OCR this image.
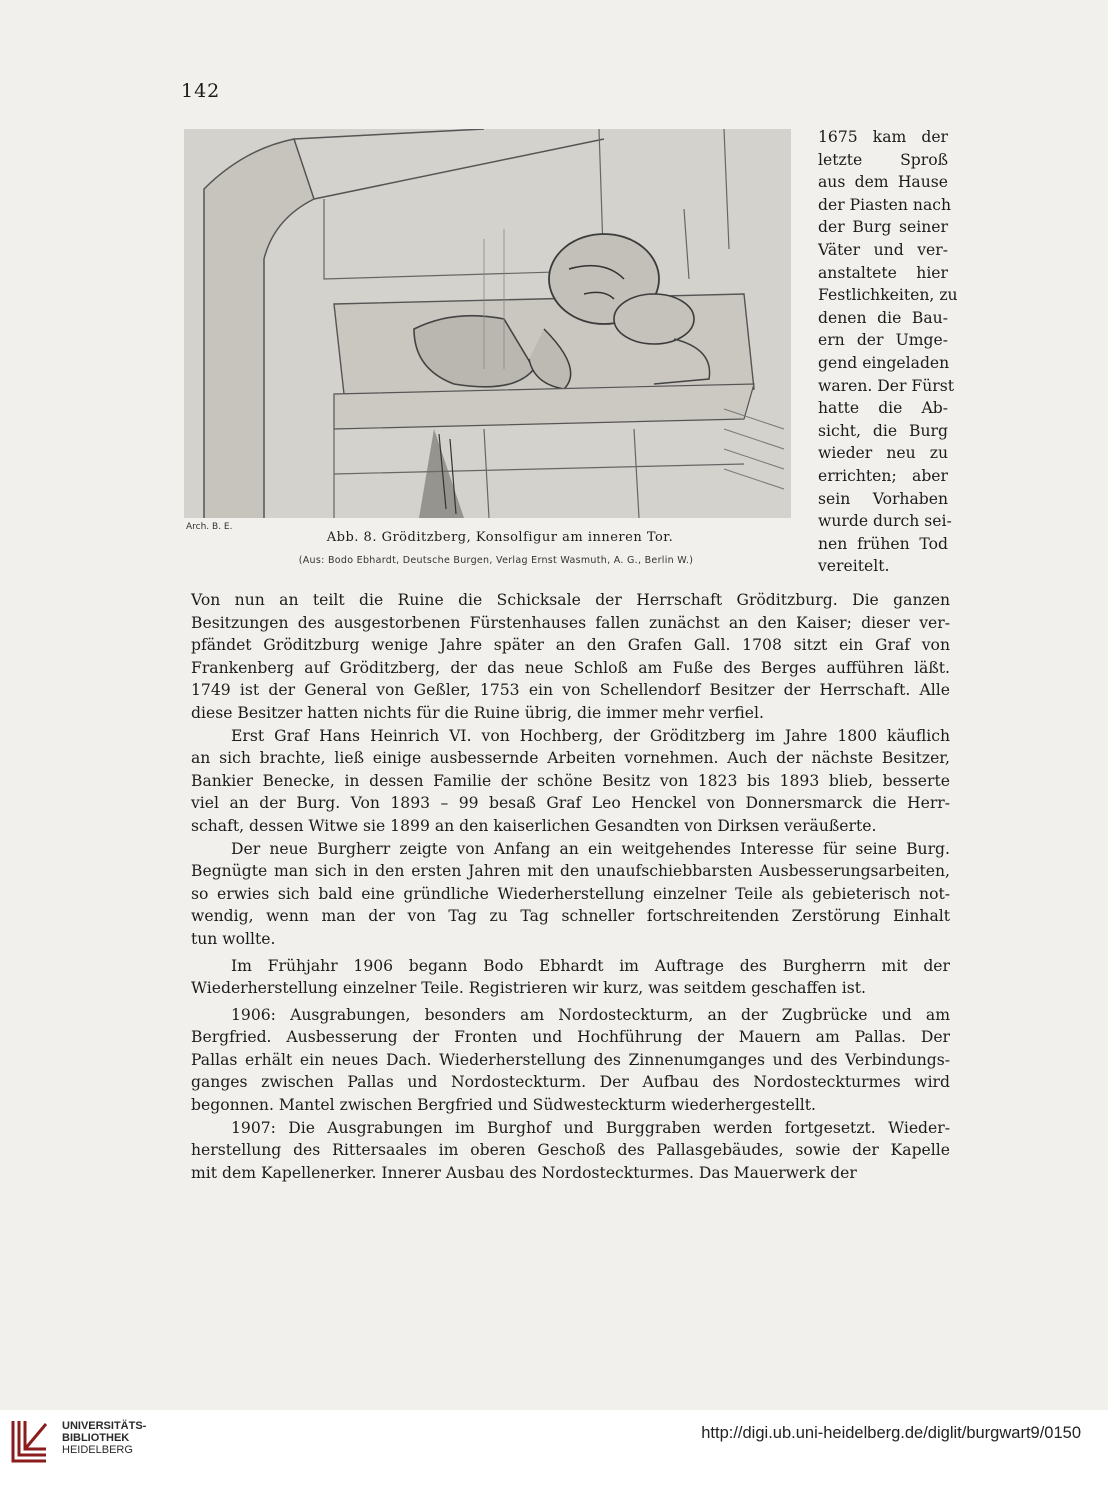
142
Arch. B. E.
Abb. 8. Gröditzberg, Konsolfigur am inneren Tor.
(Aus: Bodo Ebhardt, Deutsche Burgen, Verlag Ernst Wasmuth, A. G., Berlin W.)
1675 kam der
letzte Sproß
aus dem Hause
der Piasten nach
der Burg seiner
Väter und ver-
anstaltete hier
Festlichkeiten, zu
denen die Bau-
ern der Umge-
gend eingeladen
waren. Der Fürst
hatte die Ab-
sicht, die Burg
wieder neu zu
errichten; aber
sein Vorhaben
wurde durch sei-
nen frühen Tod
vereitelt.
Von nun an teilt die Ruine die Schicksale der Herrschaft Gröditzburg. Die ganzen
Besitzungen des ausgestorbenen Fürstenhauses fallen zunächst an den Kaiser; dieser ver-
pfändet Gröditzburg wenige Jahre später an den Grafen Gall. 1708 sitzt ein Graf von
Frankenberg auf Gröditzberg, der das neue Schloß am Fuße des Berges aufführen läßt.
1749 ist der General von Geßler, 1753 ein von Schellendorf Besitzer der Herrschaft. Alle
diese Besitzer hatten nichts für die Ruine übrig, die immer mehr verfiel.
Erst Graf Hans Heinrich VI. von Hochberg, der Gröditzberg im Jahre 1800 käuflich
an sich brachte, ließ einige ausbessernde Arbeiten vornehmen. Auch der nächste Besitzer,
Bankier Benecke, in dessen Familie der schöne Besitz von 1823 bis 1893 blieb, besserte
viel an der Burg. Von 1893 – 99 besaß Graf Leo Henckel von Donnersmarck die Herr-
schaft, dessen Witwe sie 1899 an den kaiserlichen Gesandten von Dirksen veräußerte.
Der neue Burgherr zeigte von Anfang an ein weitgehendes Interesse für seine Burg.
Begnügte man sich in den ersten Jahren mit den unaufschiebbarsten Ausbesserungsarbeiten,
so erwies sich bald eine gründliche Wiederherstellung einzelner Teile als gebieterisch not-
wendig, wenn man der von Tag zu Tag schneller fortschreitenden Zerstörung Einhalt
tun wollte.
Im Frühjahr 1906 begann Bodo Ebhardt im Auftrage des Burgherrn mit der
Wiederherstellung einzelner Teile. Registrieren wir kurz, was seitdem geschaffen ist.
1906: Ausgrabungen, besonders am Nordosteckturm, an der Zugbrücke und am
Bergfried. Ausbesserung der Fronten und Hochführung der Mauern am Pallas. Der
Pallas erhält ein neues Dach. Wiederherstellung des Zinnenumganges und des Verbindungs-
ganges zwischen Pallas und Nordosteckturm. Der Aufbau des Nordosteckturmes wird
begonnen. Mantel zwischen Bergfried und Südwesteckturm wiederhergestellt.
1907: Die Ausgrabungen im Burghof und Burggraben werden fortgesetzt. Wieder-
herstellung des Rittersaales im oberen Geschoß des Pallasgebäudes, sowie der Kapelle
mit dem Kapellenerker. Innerer Ausbau des Nordosteckturmes. Das Mauerwerk der
UNIVERSITÄTS-
BIBLIOTHEK
HEIDELBERG
http://digi.ub.uni-heidelberg.de/diglit/burgwart9/0150
